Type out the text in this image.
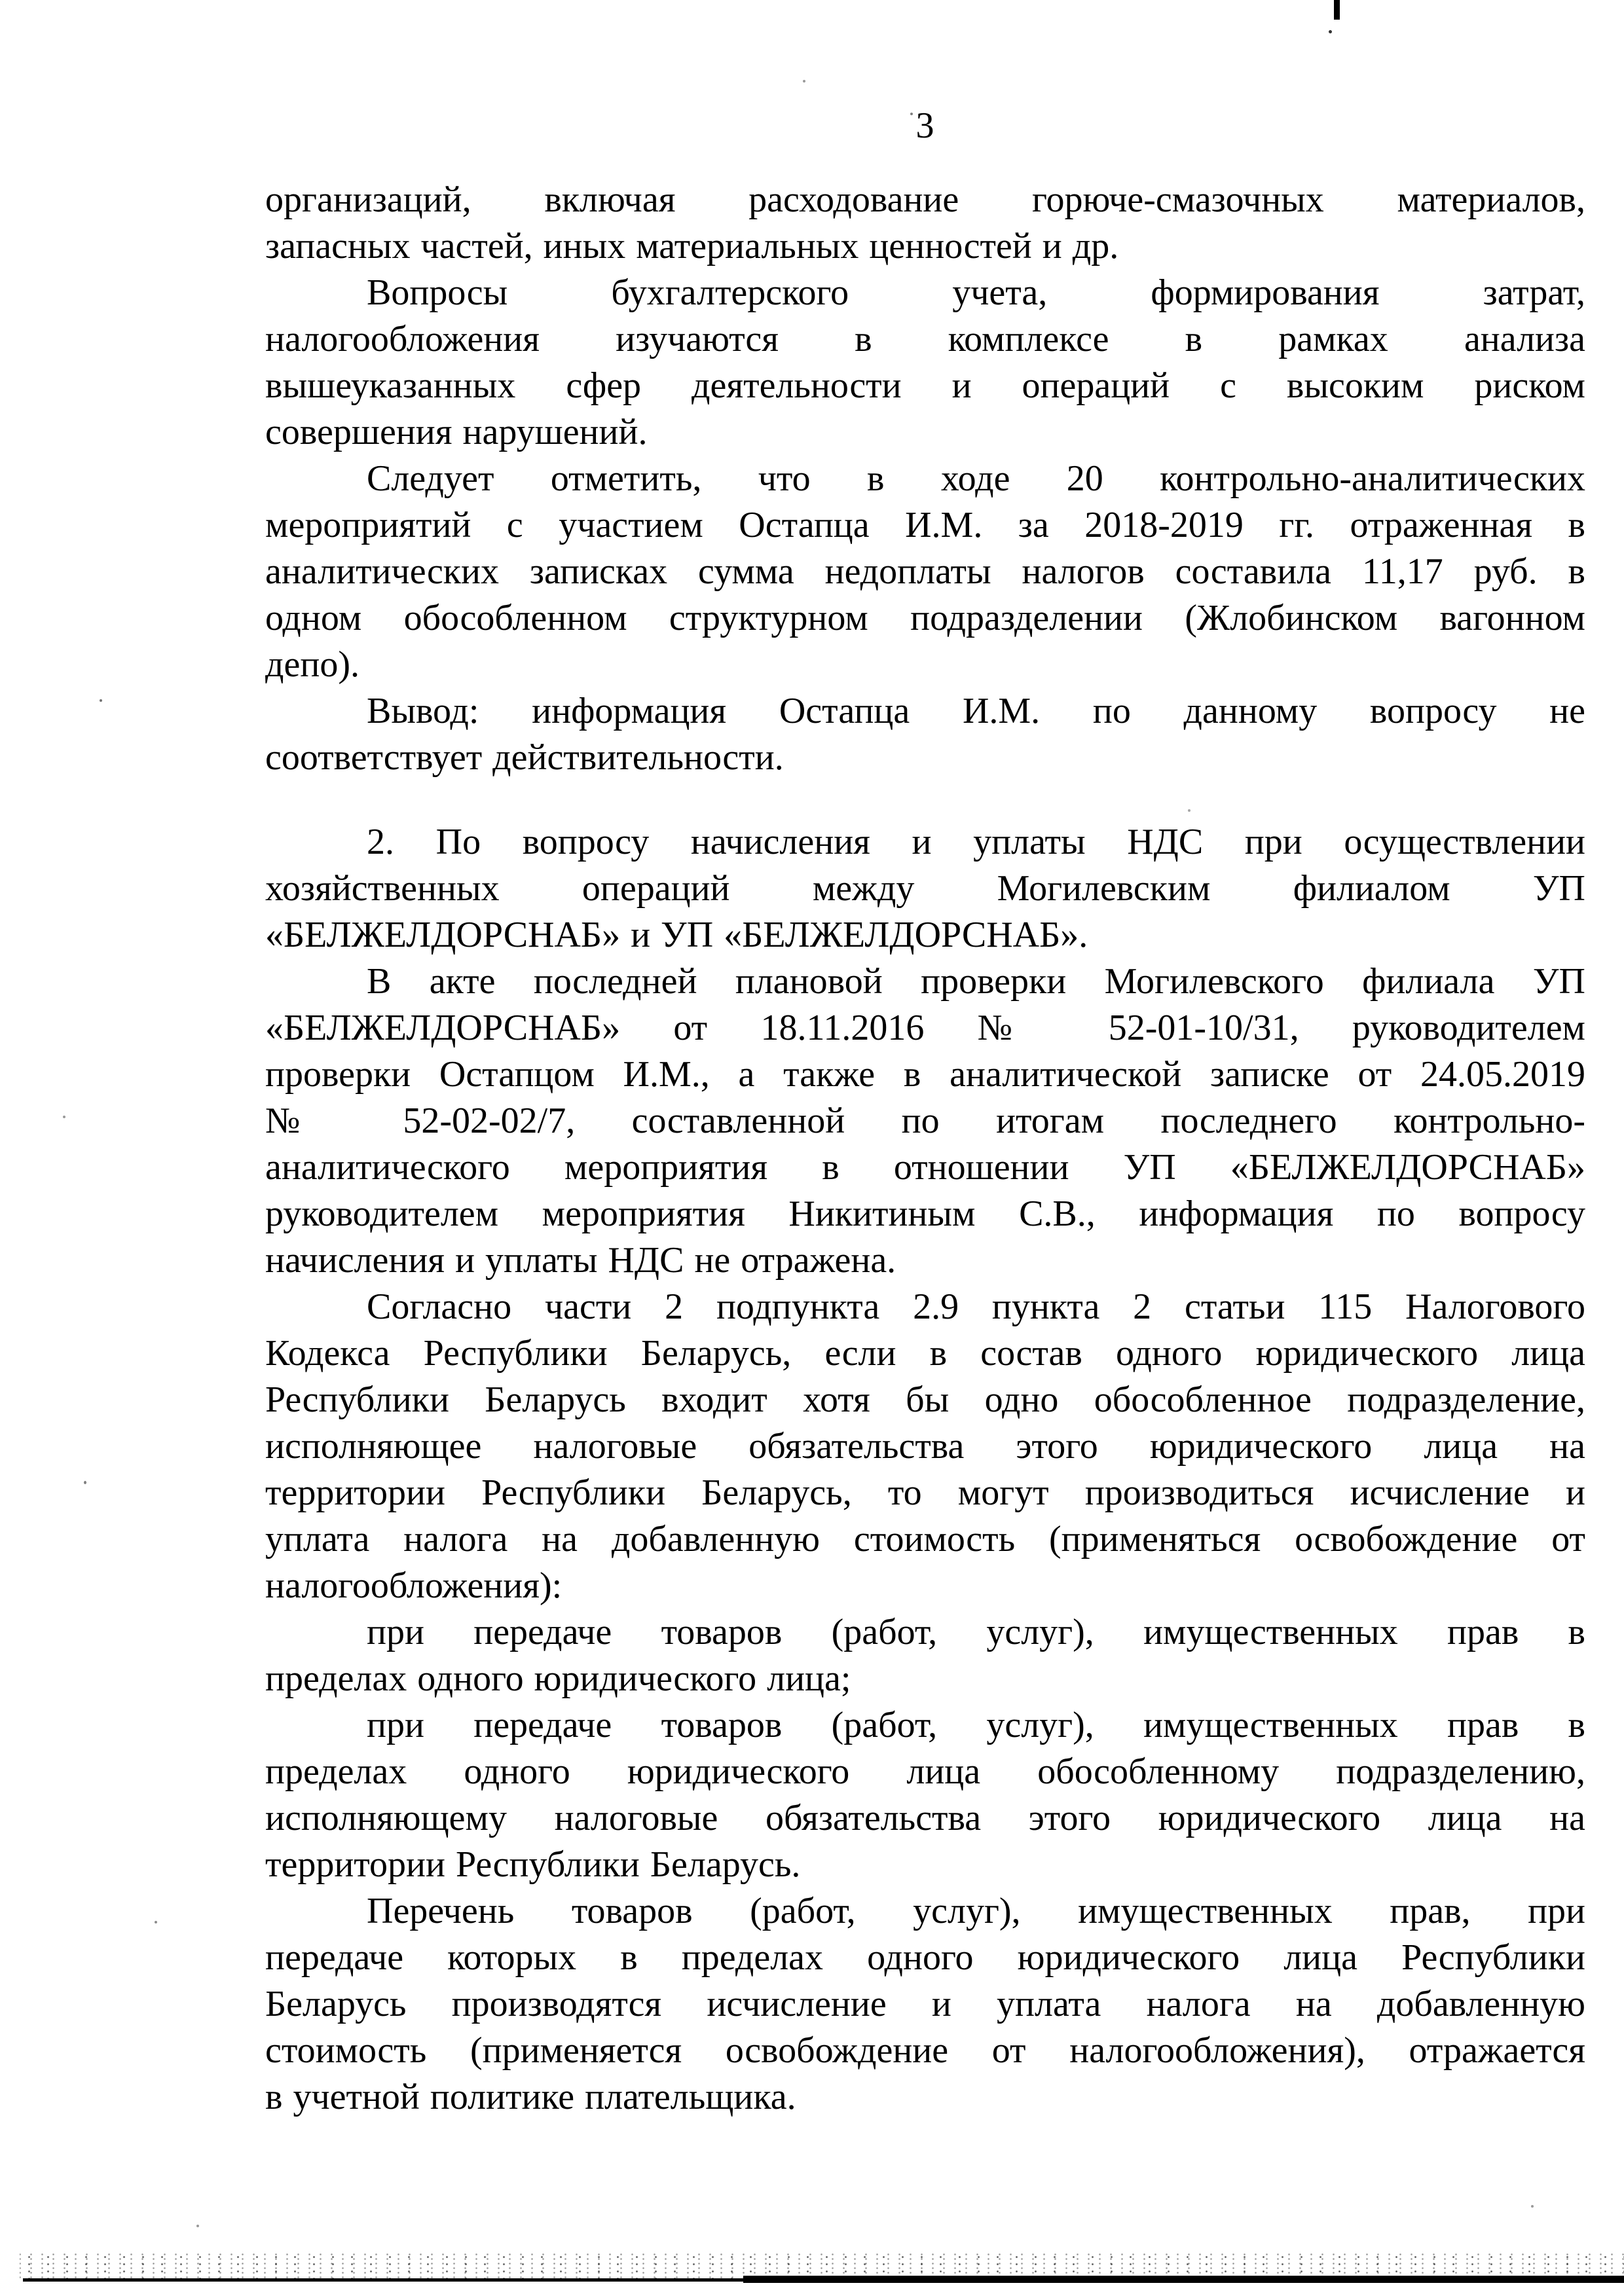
3
организаций, включая расходование горюче-смазочных материалов,
запасных частей, иных материальных ценностей и др.
Вопросы бухгалтерского учета, формирования затрат,
налогообложения изучаются в комплексе в рамках анализа
вышеуказанных сфер деятельности и операций с высоким риском
совершения нарушений.
Следует отметить, что в ходе 20 контрольно-аналитических
мероприятий с участием Остапца И.М. за 2018-2019 гг. отраженная в
аналитических записках сумма недоплаты налогов составила 11,17 руб. в
одном обособленном структурном подразделении (Жлобинском вагонном
депо).
Вывод: информация Остапца И.М. по данному вопросу не
соответствует действительности.
2. По вопросу начисления и уплаты НДС при осуществлении
хозяйственных операций между Могилевским филиалом УП
«БЕЛЖЕЛДОРСНАБ» и УП «БЕЛЖЕЛДОРСНАБ».
В акте последней плановой проверки Могилевского филиала УП
«БЕЛЖЕЛДОРСНАБ» от 18.11.2016 № 52-01-10/31, руководителем
проверки Остапцом И.М., а также в аналитической записке от 24.05.2019
№ 52-02-02/7, составленной по итогам последнего контрольно-
аналитического мероприятия в отношении УП «БЕЛЖЕЛДОРСНАБ»
руководителем мероприятия Никитиным С.В., информация по вопросу
начисления и уплаты НДС не отражена.
Согласно части 2 подпункта 2.9 пункта 2 статьи 115 Налогового
Кодекса Республики Беларусь, если в состав одного юридического лица
Республики Беларусь входит хотя бы одно обособленное подразделение,
исполняющее налоговые обязательства этого юридического лица на
территории Республики Беларусь, то могут производиться исчисление и
уплата налога на добавленную стоимость (применяться освобождение от
налогообложения):
при передаче товаров (работ, услуг), имущественных прав в
пределах одного юридического лица;
при передаче товаров (работ, услуг), имущественных прав в
пределах одного юридического лица обособленному подразделению,
исполняющему налоговые обязательства этого юридического лица на
территории Республики Беларусь.
Перечень товаров (работ, услуг), имущественных прав, при
передаче которых в пределах одного юридического лица Республики
Беларусь производятся исчисление и уплата налога на добавленную
стоимость (применяется освобождение от налогообложения), отражается
в учетной политике плательщика.
